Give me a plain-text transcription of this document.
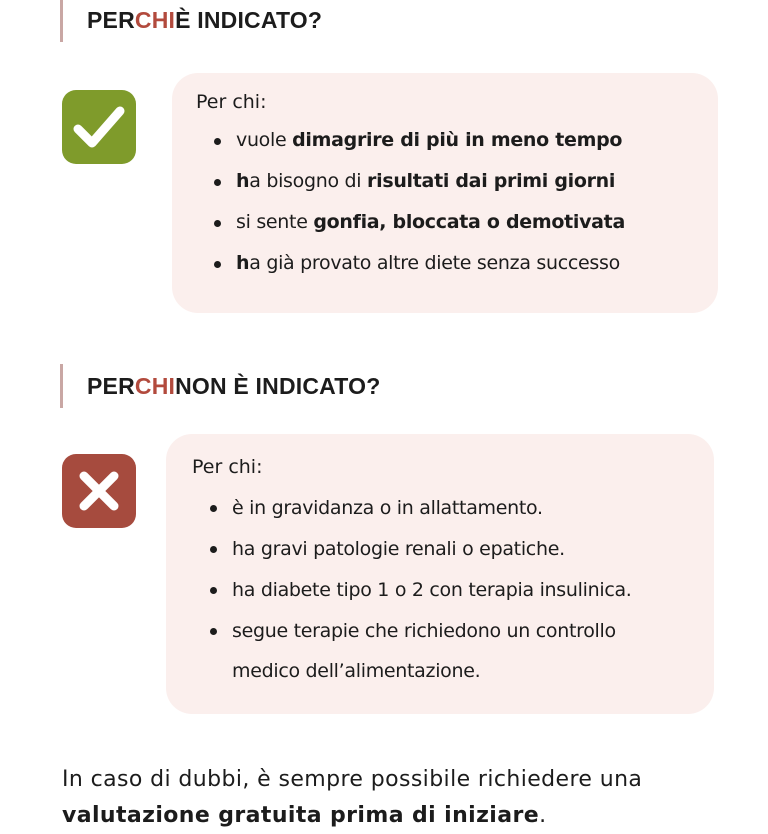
PER CHI È INDICATO?
Per chi:
vuole dimagrire di più in meno tempo
ha bisogno di risultati dai primi giorni
si sente gonfia, bloccata o demotivata
ha già provato altre diete senza successo
PER CHI NON È INDICATO?
Per chi:
è in gravidanza o in allattamento.
ha gravi patologie renali o epatiche.
ha diabete tipo 1 o 2 con terapia insulinica.
segue terapie che richiedono un controllo
medico dell’alimentazione.
In caso di dubbi, è sempre possibile richiedere una
valutazione gratuita prima di iniziare.
